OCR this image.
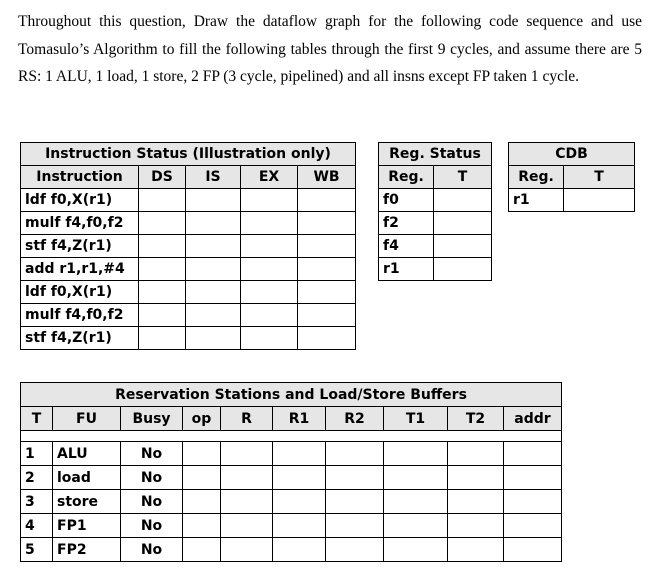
Throughout this question, Draw the dataflow graph for the following code sequence and use Tomasulo’s Algorithm to fill the following tables through the first 9 cycles, and assume there are 5 RS: 1 ALU, 1 load, 1 store, 2 FP (3 cycle, pipelined) and all insns except FP taken 1 cycle.
Instruction Status (Illustration only)				
Instruction	DS	IS	EX	WB
ldf f0,X(r1)				
mulf f4,f0,f2				
stf f4,Z(r1)				
add r1,r1,#4				
ldf f0,X(r1)				
mulf f4,f0,f2				
stf f4,Z(r1)				
Reg. Status	
Reg.	T
f0	
f2	
f4	
r1	
CDB	
Reg.	T
r1	
Reservation Stations and Load/Store Buffers									
T	FU	Busy	op	R	R1	R2	T1	T2	addr

1	ALU	No							
2	load	No							
3	store	No							
4	FP1	No							
5	FP2	No							
